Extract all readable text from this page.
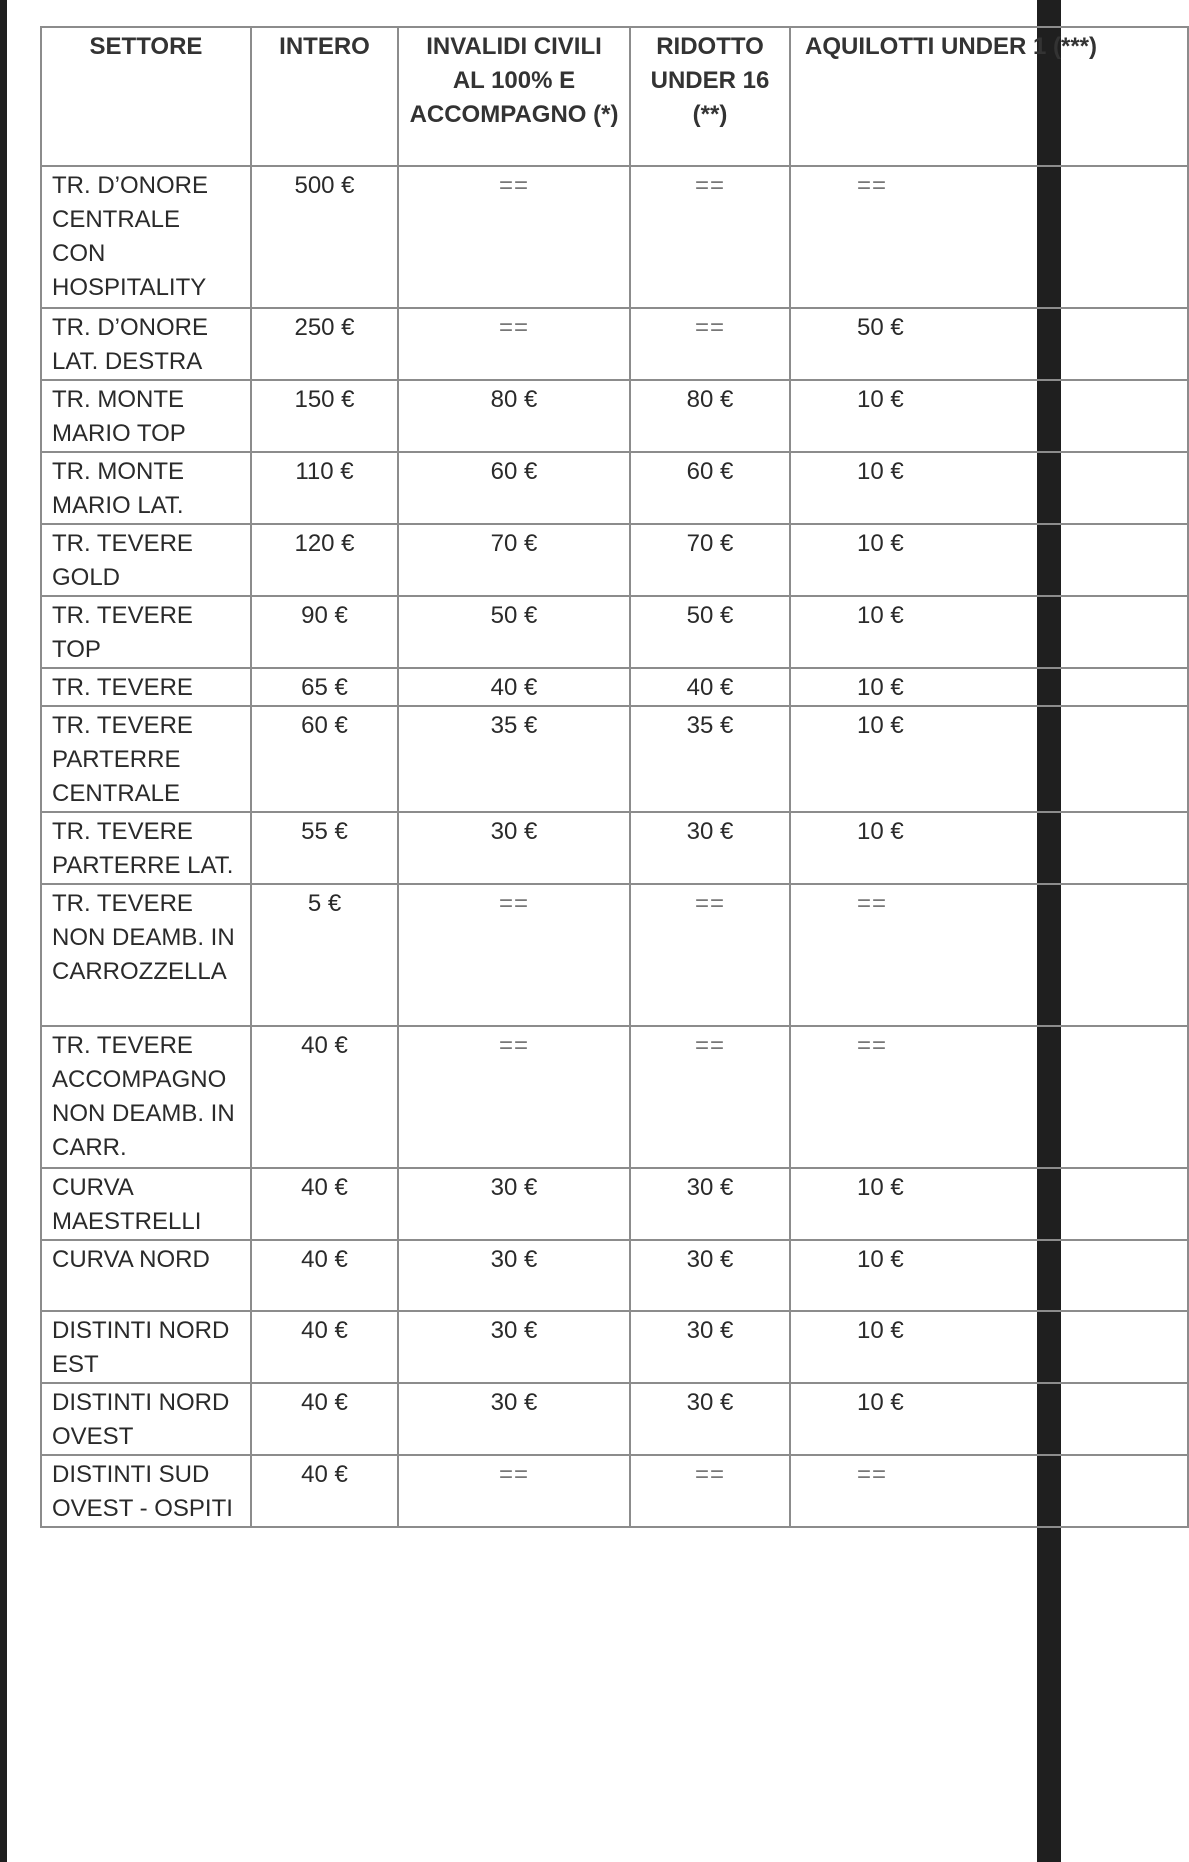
SETTORE	INTERO	INVALIDI CIVILI AL 100% E ACCOMPAGNO (*)	RIDOTTO UNDER 16 (**)	AQUILOTTI UNDER 1 (***)
TR. D’ONORE CENTRALE CON HOSPITALITY	500 €	==	==	==
TR. D’ONORE LAT. DESTRA	250 €	==	==	50 €
TR. MONTE MARIO TOP	150 €	80 €	80 €	10 €
TR. MONTE MARIO LAT.	110 €	60 €	60 €	10 €
TR. TEVERE GOLD	120 €	70 €	70 €	10 €
TR. TEVERE TOP	90 €	50 €	50 €	10 €
TR. TEVERE	65 €	40 €	40 €	10 €
TR. TEVERE PARTERRE CENTRALE	60 €	35 €	35 €	10 €
TR. TEVERE PARTERRE LAT.	55 €	30 €	30 €	10 €
TR. TEVERE NON DEAMB. IN CARROZZELLA	5 €	==	==	==
TR. TEVERE ACCOMPAGNO NON DEAMB. IN CARR.	40 €	==	==	==
CURVA MAESTRELLI	40 €	30 €	30 €	10 €
CURVA NORD	40 €	30 €	30 €	10 €
DISTINTI NORD EST	40 €	30 €	30 €	10 €
DISTINTI NORD OVEST	40 €	30 €	30 €	10 €
DISTINTI SUD OVEST - OSPITI	40 €	==	==	==
